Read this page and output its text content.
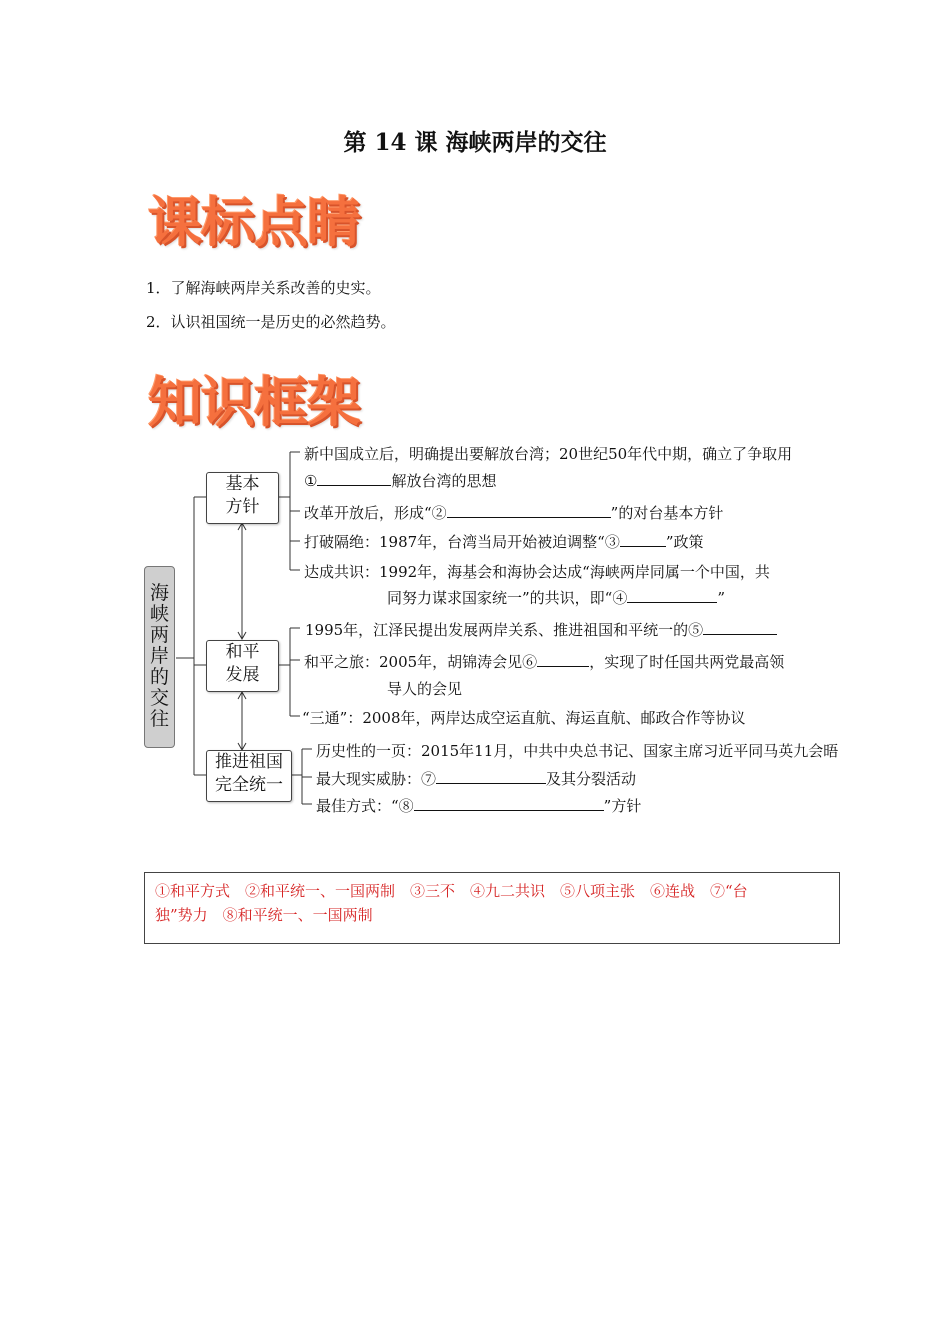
第 14 课 海峡两岸的交往
课标点睛
1．了解海峡两岸关系改善的史实。
2．认识祖国统一是历史的必然趋势。
知识框架
海
峡
两
岸
的
交
往
基本
方针
和平
发展
推进祖国
完全统一
新中国成立后，明确提出要解放台湾；20世纪50年代中期，确立了争取用
①	解放台湾的思想
改革开放后，形成“②	”的对台基本方针
打破隔绝：1987年，台湾当局开始被迫调整“③	”政策
达成共识：1992年，海基会和海协会达成“海峡两岸同属一个中国，共
同努力谋求国家统一”的共识，即“④	”
1995年，江泽民提出发展两岸关系、推进祖国和平统一的⑤
和平之旅：2005年，胡锦涛会见⑥	，实现了时任国共两党最高领
导人的会见
“三通”：2008年，两岸达成空运直航、海运直航、邮政合作等协议
历史性的一页：2015年11月，中共中央总书记、国家主席习近平同马英九会晤
最大现实威胁：⑦	及其分裂活动
最佳方式：“⑧	”方针
①和平方式　②和平统一、一国两制　③三不　④九二共识　⑤八项主张　⑥连战　⑦“台
独”势力　⑧和平统一、一国两制
